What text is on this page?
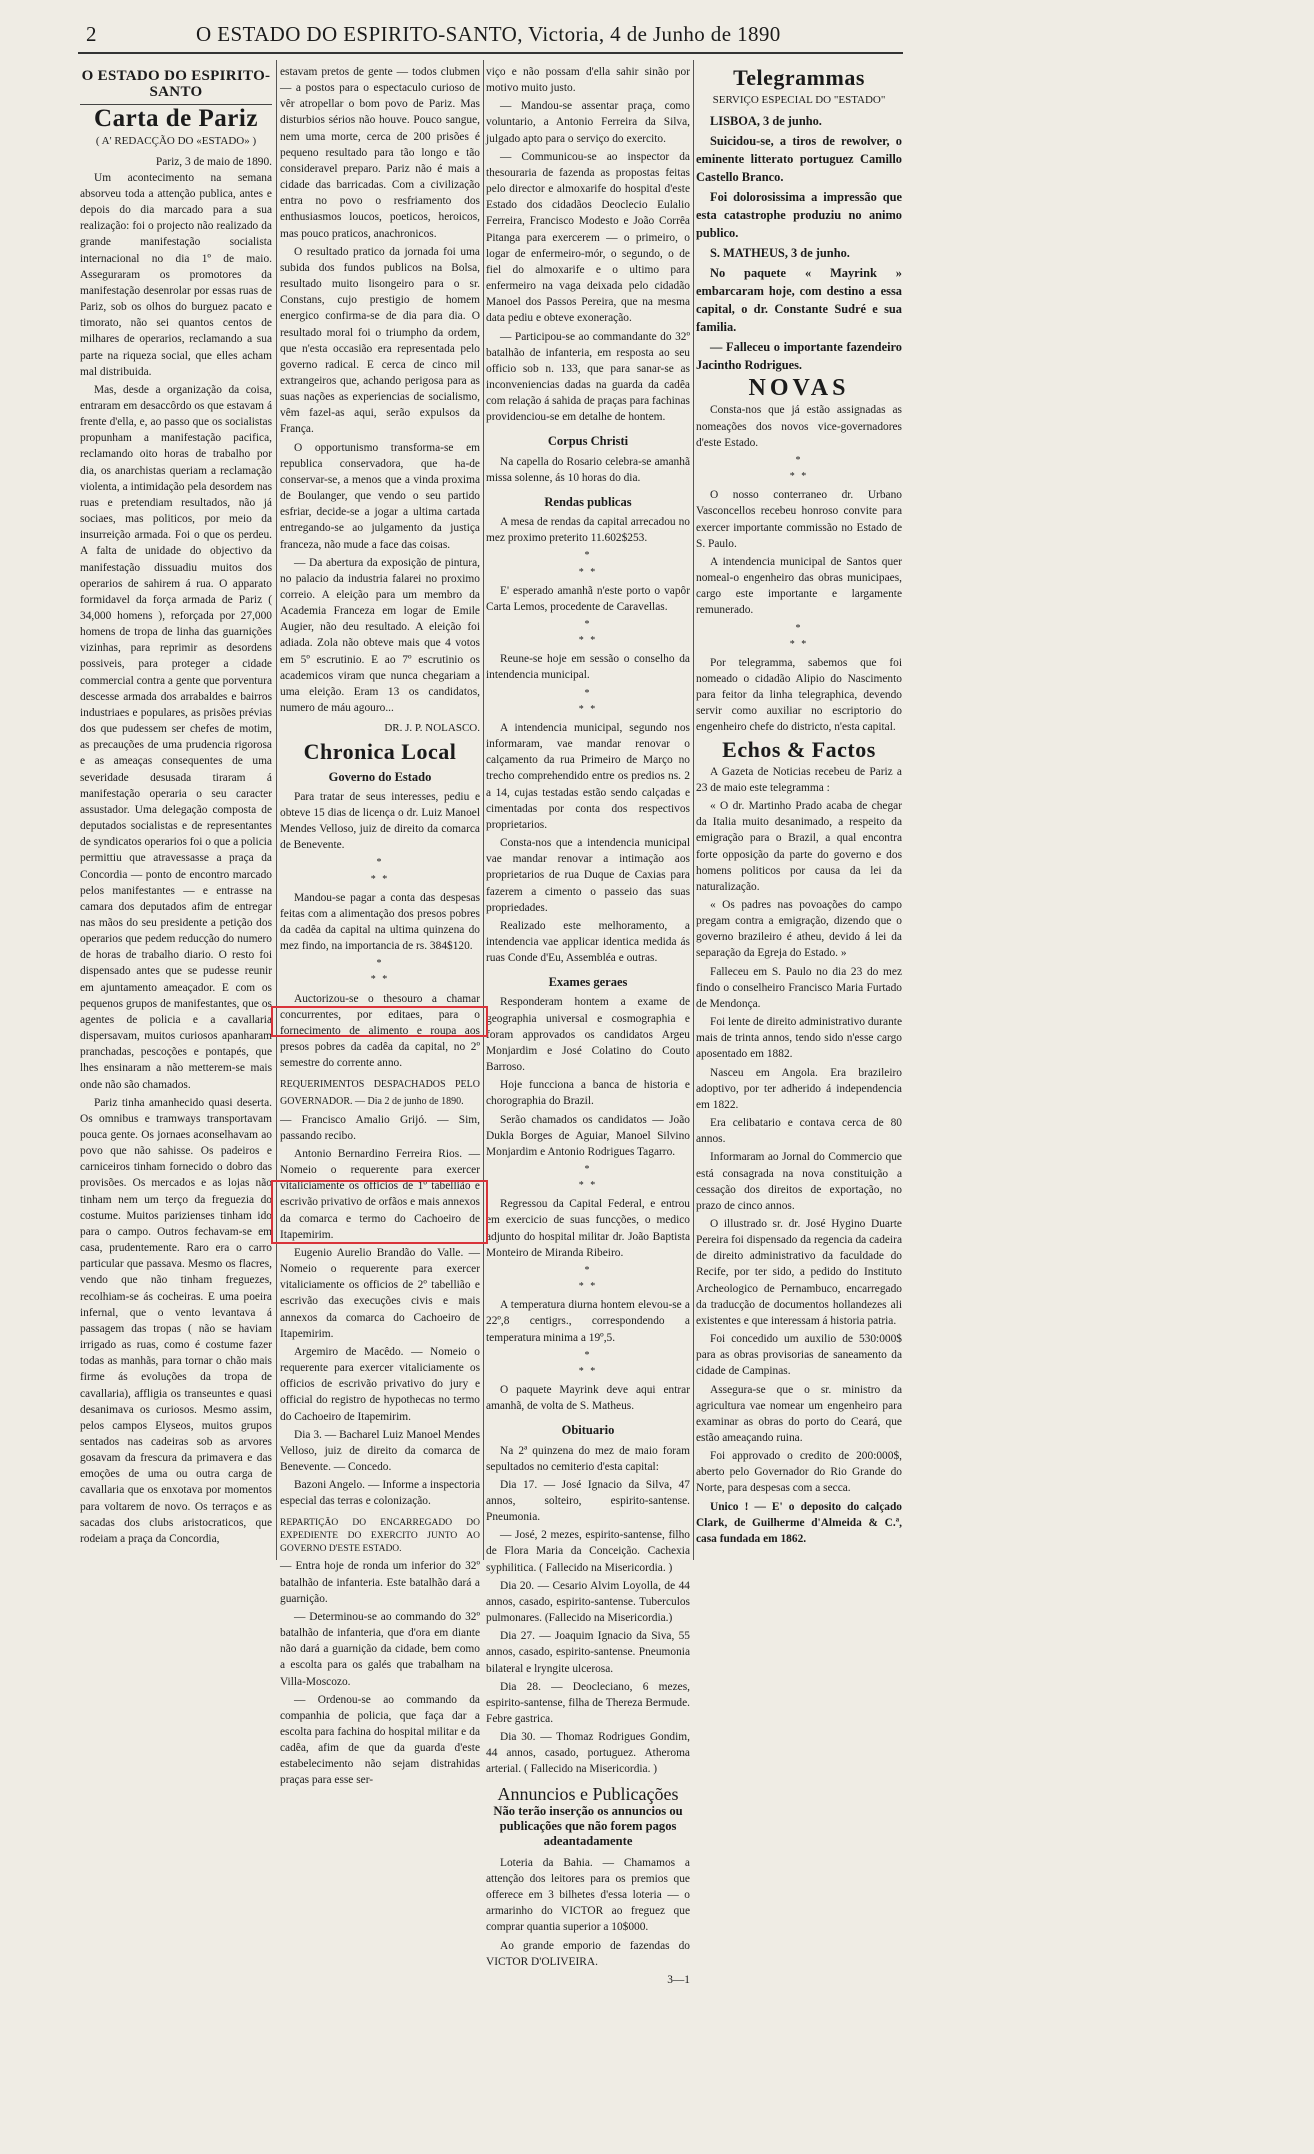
2	O ESTADO DO ESPIRITO-SANTO, Victoria, 4 de Junho de 1890
O ESTADO DO ESPIRITO-SANTO
Carta de Pariz
( A' REDACÇÃO DO «ESTADO» )
Pariz, 3 de maio de 1890.

Um acontecimento na semana absorveu toda a attenção publica, antes e depois do dia marcado para a sua realização: foi o projecto não realizado da grande manifestação socialista internacional no dia 1º de maio. Asseguraram os promotores da manifestação desenrolar por essas ruas de Pariz, sob os olhos do burguez pacato e timorato, não sei quantos centos de milhares de operarios, reclamando a sua parte na riqueza social, que elles acham mal distribuida.

Mas, desde a organização da coisa, entraram em desaccôrdo os que estavam á frente d'ella, e, ao passo que os socialistas propunham a manifestação pacifica, reclamando oito horas de trabalho por dia, os anarchistas queriam a reclamação violenta, a intimidação pela desordem nas ruas e pretendiam resultados, não já sociaes, mas politicos, por meio da insurreição armada. Foi o que os perdeu. A falta de unidade do objectivo da manifestação dissuadiu muitos dos operarios de sahirem á rua. O apparato formidavel da força armada de Pariz ( 34,000 homens ), reforçada por 27,000 homens de tropa de linha das guarnições vizinhas, para reprimir as desordens possiveis, para proteger a cidade commercial contra a gente que porventura descesse armada dos arrabaldes e bairros industriaes e populares, as prisões prévias dos que pudessem ser chefes de motim, as precauções de uma prudencia rigorosa e as ameaças consequentes de uma severidade desusada tiraram á manifestação operaria o seu caracter assustador. Uma delegação composta de deputados socialistas e de representantes de syndicatos operarios foi o que a policia permittiu que atravessasse a praça da Concordia — ponto de encontro marcado pelos manifestantes — e entrasse na camara dos deputados afim de entregar nas mãos do seu presidente a petição dos operarios que pedem reducção do numero de horas de trabalho diario. O resto foi dispensado antes que se pudesse reunir em ajuntamento ameaçador. E com os pequenos grupos de manifestantes, que os agentes de policia e a cavallaria dispersavam, muitos curiosos apanharam pranchadas, pescoções e pontapés, que lhes ensinaram a não metterem-se mais onde não são chamados.

Pariz tinha amanhecido quasi deserta. Os omnibus e tramways transportavam pouca gente. Os jornaes aconselhavam ao povo que não sahisse. Os padeiros e carniceiros tinham fornecido o dobro das provisões. Os mercados e as lojas não tinham nem um terço da freguezia do costume. Muitos parizienses tinham ido para o campo. Outros fechavam-se em casa, prudentemente. Raro era o carro particular que passava. Mesmo os flacres, vendo que não tinham freguezes, recolhiam-se ás cocheiras. E uma poeira infernal, que o vento levantava á passagem das tropas ( não se haviam irrigado as ruas, como é costume fazer todas as manhãs, para tornar o chão mais firme ás evoluções da tropa de cavallaria), affligia os transeuntes e quasi desanimava os curiosos. Mesmo assim, pelos campos Elyseos, muitos grupos sentados nas cadeiras sob as arvores gosavam da frescura da primavera e das emoções de uma ou outra carga de cavallaria que os enxotava por momentos para voltarem de novo. Os terraços e as sacadas dos clubs aristocraticos, que rodeiam a praça da Concordia,

estavam pretos de gente — todos clubmen — a postos para o espectaculo curioso de vêr atropellar o bom povo de Pariz. Mas disturbios sérios não houve. Pouco sangue, nem uma morte, cerca de 200 prisões é pequeno resultado para tão longo e tão consideravel preparo. Pariz não é mais a cidade das barricadas. Com a civilização entra no povo o resfriamento dos enthusiasmos loucos, poeticos, heroicos, mas pouco praticos, anachronicos.

O resultado pratico da jornada foi uma subida dos fundos publicos na Bolsa, resultado muito lisongeiro para o sr. Constans, cujo prestigio de homem energico confirma-se de dia para dia. O resultado moral foi o triumpho da ordem, que n'esta occasião era representada pelo governo radical. E cerca de cinco mil extrangeiros que, achando perigosa para as suas nações as experiencias de socialismo, vêm fazel-as aqui, serão expulsos da França.

O opportunismo transforma-se em republica conservadora, que ha-de conservar-se, a menos que a vinda proxima de Boulanger, que vendo o seu partido esfriar, decide-se a jogar a ultima cartada entregando-se ao julgamento da justiça franceza, não mude a face das coisas.

— Da abertura da exposição de pintura, no palacio da industria falarei no proximo correio. A eleição para um membro da Academia Franceza em logar de Emile Augier, não deu resultado. A eleição foi adiada. Zola não obteve mais que 4 votos em 5º escrutinio. E ao 7º escrutinio os academicos viram que nunca chegariam a uma eleição. Eram 13 os candidatos, numero de máu agouro...

DR. J. P. NOLASCO.
Chronica Local
Governo do Estado

Para tratar de seus interesses, pediu e obteve 15 dias de licença o dr. Luiz Manoel Mendes Velloso, juiz de direito da comarca de Benevente.

*
* *

Mandou-se pagar a conta das despesas feitas com a alimentação dos presos pobres da cadêa da capital na ultima quinzena do mez findo, na importancia de rs. 384$120.

*
* *

Auctorizou-se o thesouro a chamar concurrentes, por editaes, para o fornecimento de alimento e roupa aos presos pobres da cadêa da capital, no 2º semestre do corrente anno.

REQUERIMENTOS DESPACHADOS PELO GOVERNADOR. — Dia 2 de junho de 1890.

— Francisco Amalio Grijó. — Sim, passando recibo.

Antonio Bernardino Ferreira Rios. — Nomeio o requerente para exercer vitaliciamente os officios de 1º tabellião e escrivão privativo de orfãos e mais annexos da comarca e termo do Cachoeiro de Itapemirim.

Eugenio Aurelio Brandão do Valle. — Nomeio o requerente para exercer vitaliciamente os officios de 2º tabellião e escrivão das execuções civis e mais annexos da comarca do Cachoeiro de Itapemirim.

Argemiro de Macêdo. — Nomeio o requerente para exercer vitaliciamente os officios de escrivão privativo do jury e official do registro de hypothecas no termo do Cachoeiro de Itapemirim.

Dia 3. — Bacharel Luiz Manoel Mendes Velloso, juiz de direito da comarca de Benevente. — Concedo.

Bazoni Angelo. — Informe a inspectoria especial das terras e colonização.

REPARTIÇÃO DO ENCARREGADO DO EXPEDIENTE DO EXERCITO JUNTO AO GOVERNO D'ESTE ESTADO.

— Entra hoje de ronda um inferior do 32º batalhão de infanteria. Este batalhão dará a guarnição.

— Determinou-se ao commando do 32º batalhão de infanteria, que d'ora em diante não dará a guarnição da cidade, bem como a escolta para os galés que trabalham na Villa-Moscozo.

— Ordenou-se ao commando da companhia de policia, que faça dar a escolta para fachina do hospital militar e da cadêa, afim de que da guarda d'este estabelecimento não sejam distrahidas praças para esse ser-

viço e não possam d'ella sahir sinão por motivo muito justo.

— Mandou-se assentar praça, como voluntario, a Antonio Ferreira da Silva, julgado apto para o serviço do exercito.

— Communicou-se ao inspector da thesouraria de fazenda as propostas feitas pelo director e almoxarife do hospital d'este Estado dos cidadãos Deoclecio Eulalio Ferreira, Francisco Modesto e João Corrêa Pitanga para exercerem — o primeiro, o logar de enfermeiro-mór, o segundo, o de fiel do almoxarife e o ultimo para enfermeiro na vaga deixada pelo cidadão Manoel dos Passos Pereira, que na mesma data pediu e obteve exoneração.

— Participou-se ao commandante do 32º batalhão de infanteria, em resposta ao seu officio sob n. 133, que para sanar-se as inconveniencias dadas na guarda da cadêa com relação á sahida de praças para fachinas providenciou-se em detalhe de hontem.

Corpus Christi

Na capella do Rosario celebra-se amanhã missa solenne, ás 10 horas do dia.

Rendas publicas

A mesa de rendas da capital arrecadou no mez proximo preterito 11.602$253.

*
* *

E' esperado amanhã n'este porto o vapôr Carta Lemos, procedente de Caravellas.

*
* *

Reune-se hoje em sessão o conselho da intendencia municipal.

*
* *

A intendencia municipal, segundo nos informaram, vae mandar renovar o calçamento da rua Primeiro de Março no trecho comprehendido entre os predios ns. 2 a 14, cujas testadas estão sendo calçadas e cimentadas por conta dos respectivos proprietarios.

Consta-nos que a intendencia municipal vae mandar renovar a intimação aos proprietarios de rua Duque de Caxias para fazerem a cimento o passeio das suas propriedades.

Realizado este melhoramento, a intendencia vae applicar identica medida ás ruas Conde d'Eu, Assembléa e outras.

Exames geraes

Responderam hontem a exame de geographia universal e cosmographia e foram approvados os candidatos Argeu Monjardim e José Colatino do Couto Barroso.

Hoje funcciona a banca de historia e chorographia do Brazil.

Serão chamados os candidatos — João Dukla Borges de Aguiar, Manoel Silvino Monjardim e Antonio Rodrigues Tagarro.

*
* *

Regressou da Capital Federal, e entrou em exercicio de suas funcções, o medico adjunto do hospital militar dr. João Baptista Monteiro de Miranda Ribeiro.

*
* *

A temperatura diurna hontem elevou-se a 22º,8 centigrs., correspondendo a temperatura minima a 19º,5.

*
* *

O paquete Mayrink deve aqui entrar amanhã, de volta de S. Matheus.

Obituario

Na 2ª quinzena do mez de maio foram sepultados no cemiterio d'esta capital:

Dia 17. — José Ignacio da Silva, 47 annos, solteiro, espirito-santense. Pneumonia.

— José, 2 mezes, espirito-santense, filho de Flora Maria da Conceição. Cachexia syphilitica. ( Fallecido na Misericordia. )

Dia 20. — Cesario Alvim Loyolla, de 44 annos, casado, espirito-santense. Tuberculos pulmonares. (Fallecido na Misericordia.)

Dia 27. — Joaquim Ignacio da Siva, 55 annos, casado, espirito-santense. Pneumonia bilateral e lryngite ulcerosa.

Dia 28. — Deocleciano, 6 mezes, espirito-santense, filha de Thereza Bermude. Febre gastrica.

Dia 30. — Thomaz Rodrigues Gondim, 44 annos, casado, portuguez. Atheroma arterial. ( Fallecido na Misericordia. )

Annuncios e Publicações
Não terão inserção os annuncios ou publicações que não forem pagos adeantadamente

Loteria da Bahia. — Chamamos a attenção dos leitores para os premios que offerece em 3 bilhetes d'essa loteria — o armarinho do VICTOR ao freguez que comprar quantia superior a 10$000.

Ao grande emporio de fazendas do VICTOR D'OLIVEIRA.

3—1
Telegrammas
SERVIÇO ESPECIAL DO "ESTADO"

LISBOA, 3 de junho.

Suicidou-se, a tiros de rewolver, o eminente litterato portuguez Camillo Castello Branco.

Foi dolorosissima a impressão que esta catastrophe produziu no animo publico.

S. MATHEUS, 3 de junho.

No paquete « Mayrink » embarcaram hoje, com destino a essa capital, o dr. Constante Sudré e sua familia.

— Falleceu o importante fazendeiro Jacintho Rodrigues.

NOVAS

Consta-nos que já estão assignadas as nomeações dos novos vice-governadores d'este Estado.

*
* *

O nosso conterraneo dr. Urbano Vasconcellos recebeu honroso convite para exercer importante commissão no Estado de S. Paulo.

A intendencia municipal de Santos quer nomeal-o engenheiro das obras municipaes, cargo este importante e largamente remunerado.

*
* *

Por telegramma, sabemos que foi nomeado o cidadão Alipio do Nascimento para feitor da linha telegraphica, devendo servir como auxiliar no escriptorio do engenheiro chefe do districto, n'esta capital.

Echos & Factos

A Gazeta de Noticias recebeu de Pariz a 23 de maio este telegramma :

« O dr. Martinho Prado acaba de chegar da Italia muito desanimado, a respeito da emigração para o Brazil, a qual encontra forte opposição da parte do governo e dos homens politicos por causa da lei da naturalização.

« Os padres nas povoações do campo pregam contra a emigração, dizendo que o governo brazileiro é atheu, devido á lei da separação da Egreja do Estado. »

Falleceu em S. Paulo no dia 23 do mez findo o conselheiro Francisco Maria Furtado de Mendonça.

Foi lente de direito administrativo durante mais de trinta annos, tendo sido n'esse cargo aposentado em 1882.

Nasceu em Angola. Era brazileiro adoptivo, por ter adherido á independencia em 1822.

Era celibatario e contava cerca de 80 annos.

Informaram ao Jornal do Commercio que está consagrada na nova constituição a cessação dos direitos de exportação, no prazo de cinco annos.

O illustrado sr. dr. José Hygino Duarte Pereira foi dispensado da regencia da cadeira de direito administrativo da faculdade do Recife, por ter sido, a pedido do Instituto Archeologico de Pernambuco, encarregado da traducção de documentos hollandezes ali existentes e que interessam á historia patria.

Foi concedido um auxilio de 530:000$ para as obras provisorias de saneamento da cidade de Campinas.

Assegura-se que o sr. ministro da agricultura vae nomear um engenheiro para examinar as obras do porto do Ceará, que estão ameaçando ruina.

Foi approvado o credito de 200:000$, aberto pelo Governador do Rio Grande do Norte, para despesas com a secca.

Unico ! — E' o deposito do calçado Clark, de Guilherme d'Almeida & C.ª, casa fundada em 1862.
